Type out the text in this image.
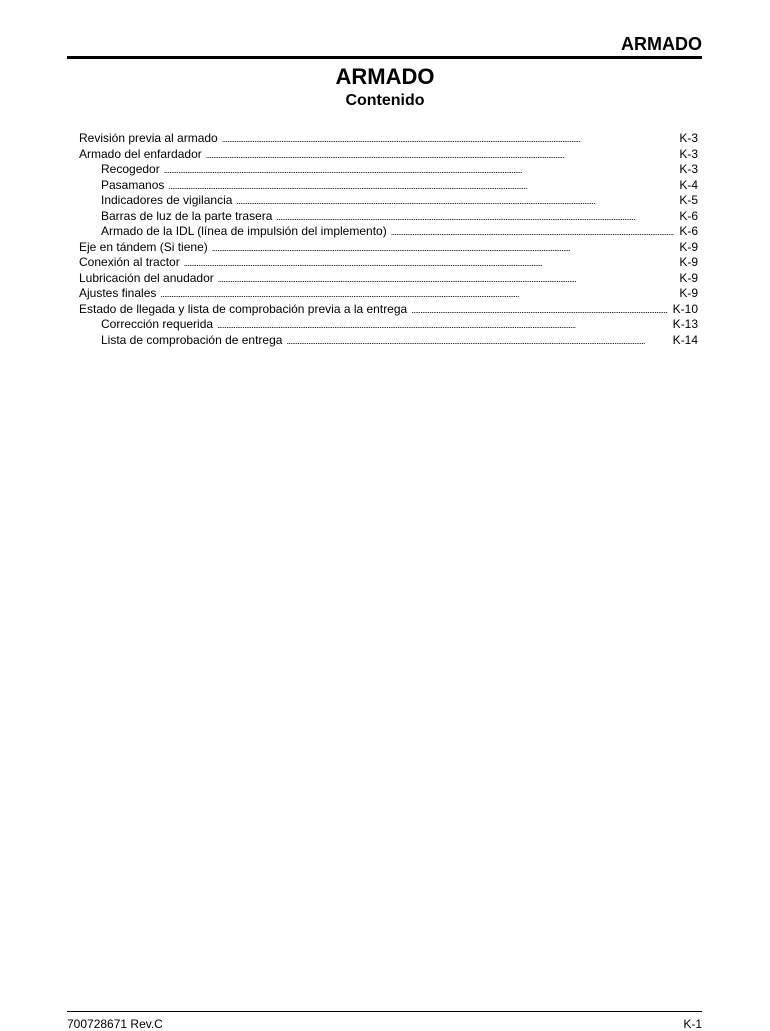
ARMADO
ARMADO
Contenido
Revisión previa al armado . . .	K-3
Armado del enfardador . . .	K-3
Recogedor . . .	K-3
Pasamanos . . .	K-4
Indicadores de vigilancia . . .	K-5
Barras de luz de la parte trasera . . .	K-6
Armado de la IDL (línea de impulsión del implemento) . . .	K-6
Eje en tándem (Si tiene) . . .	K-9
Conexión al tractor . . .	K-9
Lubricación del anudador . . .	K-9
Ajustes finales . . .	K-9
Estado de llegada y lista de comprobación previa a la entrega . . .	K-10
Corrección requerida . . .	K-13
Lista de comprobación de entrega . . .	K-14
700728671 Rev.C	K-1
